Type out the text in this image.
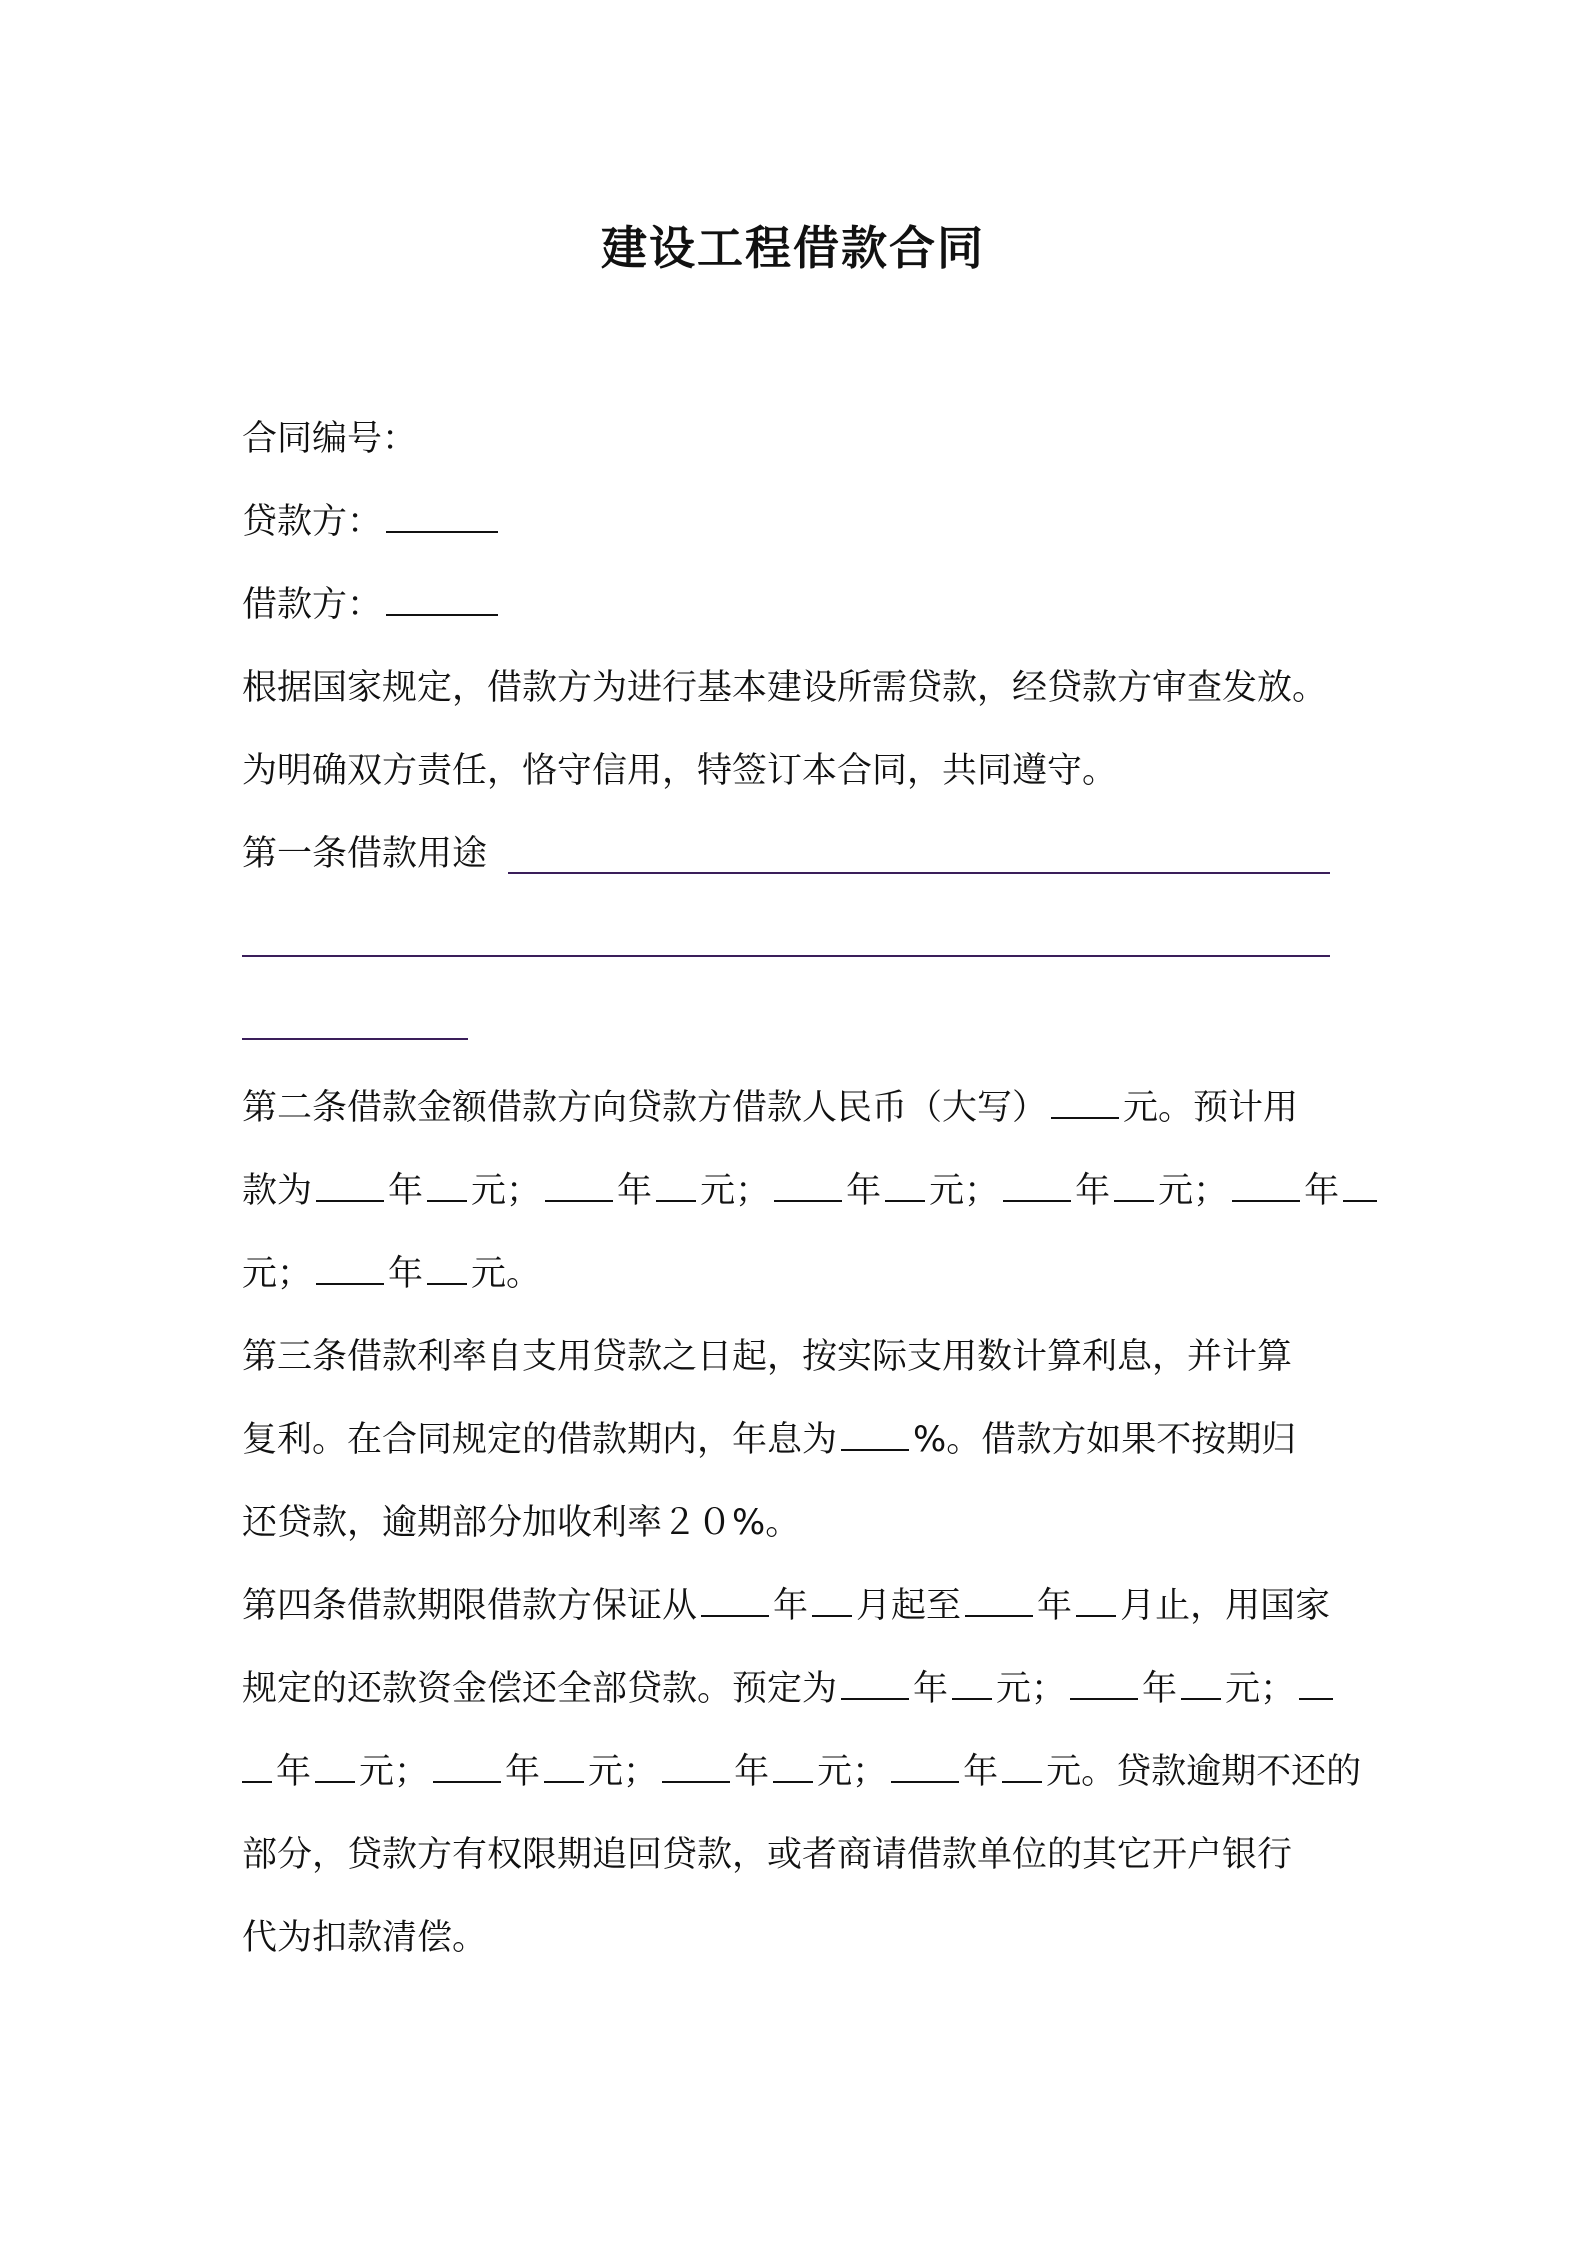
建设工程借款合同
合同编号：
贷款方：
借款方：
根据国家规定，借款方为进行基本建设所需贷款，经贷款方审查发放。
为明确双方责任，恪守信用，特签订本合同，共同遵守。
第一条借款用途
第二条借款金额借款方向贷款方借款人民币（大写） 元。预计用
款为 年 元； 年 元； 年 元； 年 元； 年
元； 年 元。
第三条借款利率自支用贷款之日起，按实际支用数计算利息，并计算
复利。在合同规定的借款期内，年息为 %。借款方如果不按期归
还贷款，逾期部分加收利率２０%。
第四条借款期限借款方保证从 年 月起至 年 月止，用国家
规定的还款资金偿还全部贷款。预定为 年 元； 年 元；
年 元； 年 元； 年 元； 年 元。贷款逾期不还的
部分，贷款方有权限期追回贷款，或者商请借款单位的其它开户银行
代为扣款清偿。
